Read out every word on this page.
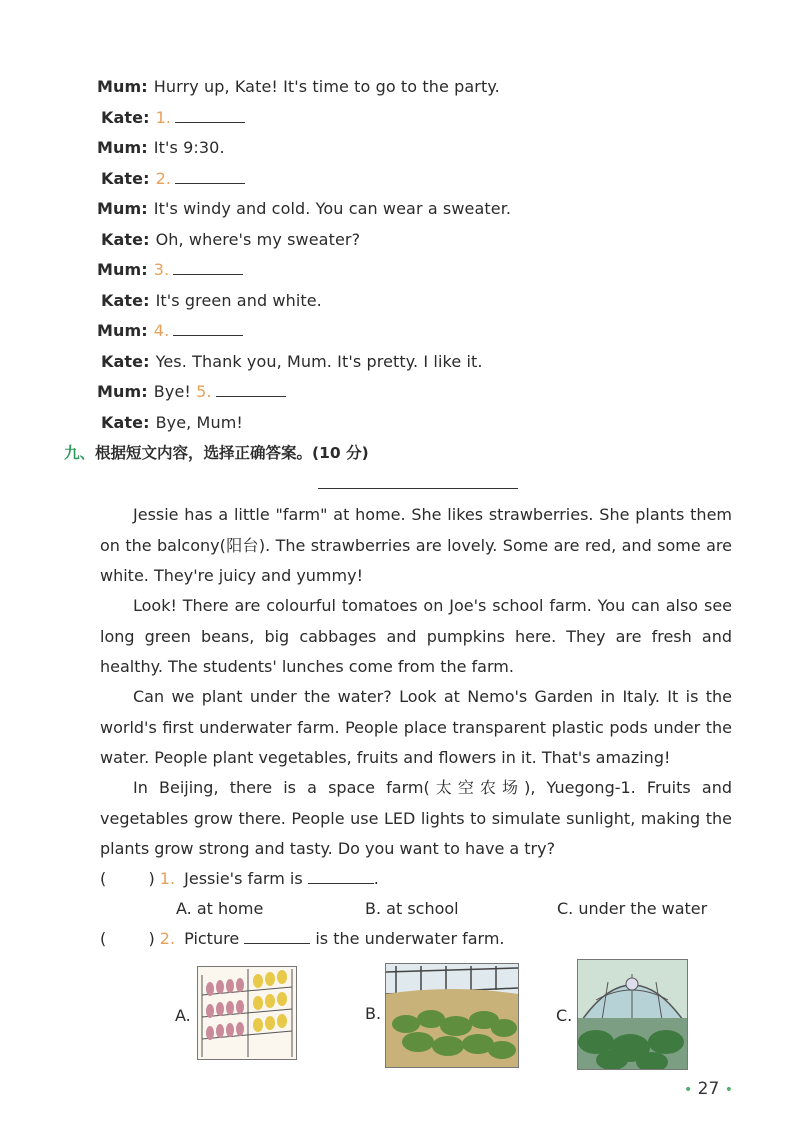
Mum: Hurry up, Kate! It's time to go to the party.
Kate: 1.
Mum: It's 9:30.
Kate: 2.
Mum: It's windy and cold. You can wear a sweater.
Kate: Oh, where's my sweater?
Mum: 3.
Kate: It's green and white.
Mum: 4.
Kate: Yes. Thank you, Mum. It's pretty. I like it.
Mum: Bye! 5.
Kate: Bye, Mum!
九、根据短文内容，选择正确答案。(10 分)

Jessie has a little "farm" at home. She likes strawberries. She plants them on the balcony(阳台). The strawberries are lovely. Some are red, and some are white. They're juicy and yummy!

Look! There are colourful tomatoes on Joe's school farm. You can also see long green beans, big cabbages and pumpkins here. They are fresh and healthy. The students' lunches come from the farm.

Can we plant under the water? Look at Nemo's Garden in Italy. It is the world's first underwater farm. People place transparent plastic pods under the water. People plant vegetables, fruits and flowers in it. That's amazing!

In Beijing, there is a space farm(太空农场), Yuegong-1. Fruits and vegetables grow there. People use LED lights to simulate sunlight, making the plants grow strong and tasty. Do you want to have a try?

(	) 1. Jessie's farm is	.
A. at home	B. at school	C. under the water
(	) 2. Picture	is the underwater farm.
A.	B.	C.
• 27 •
